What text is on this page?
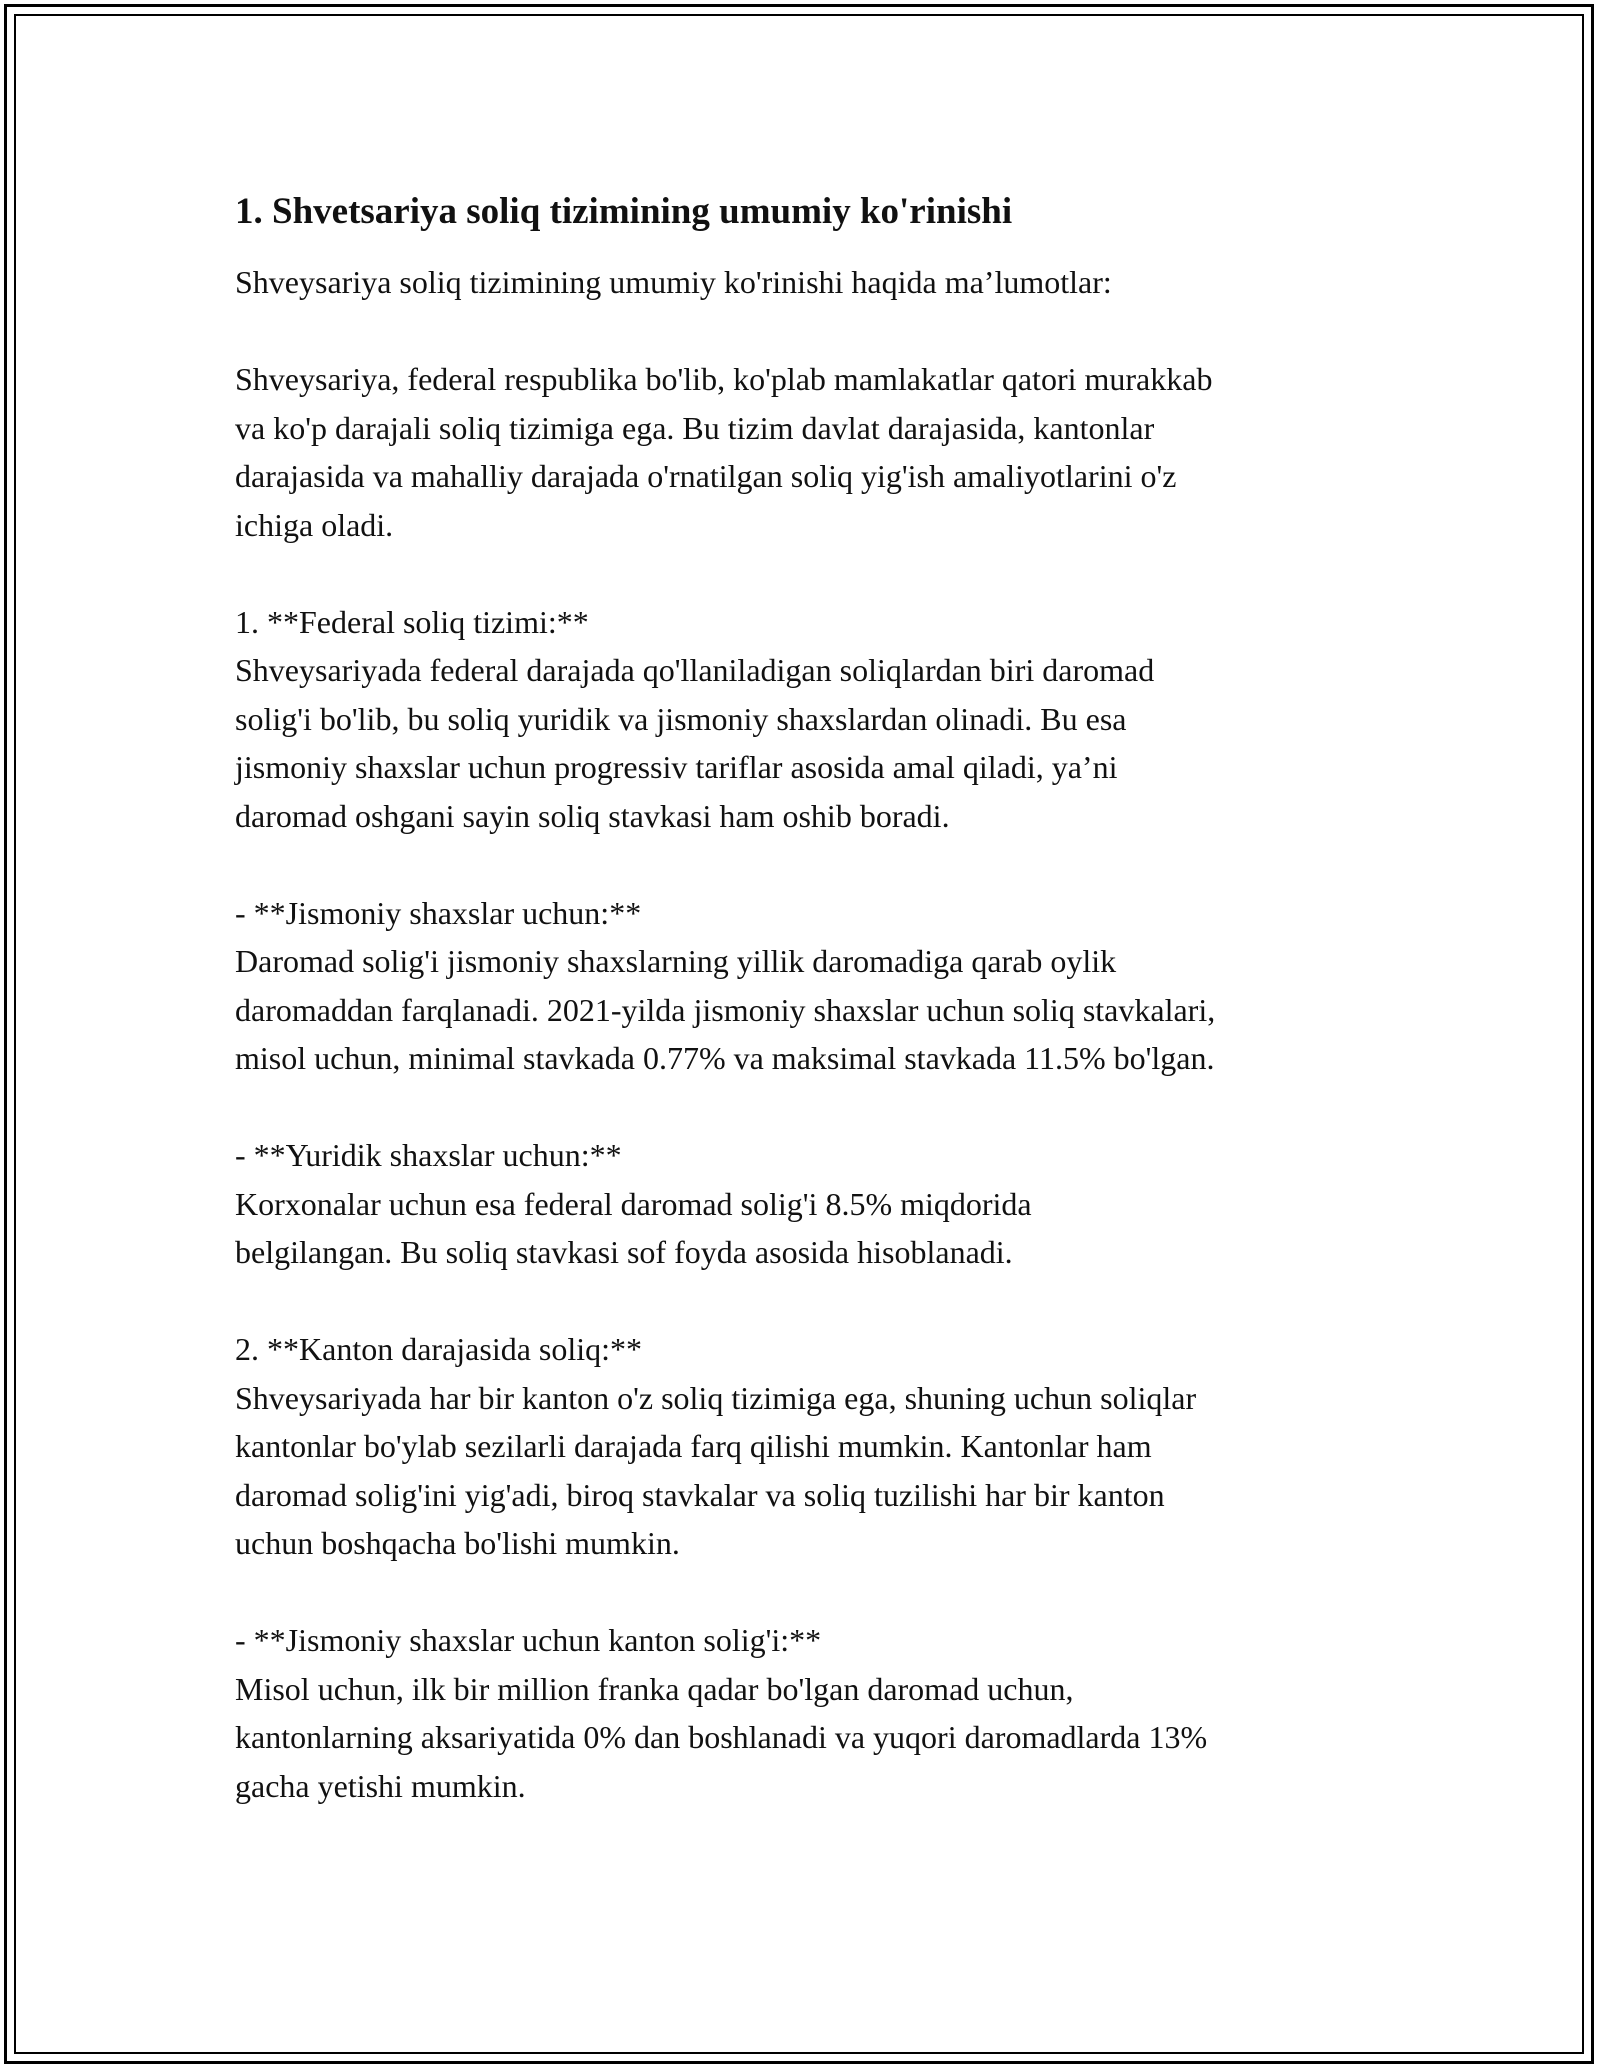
1. Shvetsariya soliq tizimining umumiy ko'rinishi

Shveysariya soliq tizimining umumiy ko'rinishi haqida ma’lumotlar:

Shveysariya, federal respublika bo'lib, ko'plab mamlakatlar qatori murakkab
va ko'p darajali soliq tizimiga ega. Bu tizim davlat darajasida, kantonlar
darajasida va mahalliy darajada o'rnatilgan soliq yig'ish amaliyotlarini o'z
ichiga oladi.

1. **Federal soliq tizimi:**

Shveysariyada federal darajada qo'llaniladigan soliqlardan biri daromad
solig'i bo'lib, bu soliq yuridik va jismoniy shaxslardan olinadi. Bu esa
jismoniy shaxslar uchun progressiv tariflar asosida amal qiladi, ya’ni
daromad oshgani sayin soliq stavkasi ham oshib boradi.

- **Jismoniy shaxslar uchun:**

Daromad solig'i jismoniy shaxslarning yillik daromadiga qarab oylik
daromaddan farqlanadi. 2021-yilda jismoniy shaxslar uchun soliq stavkalari,
misol uchun, minimal stavkada 0.77% va maksimal stavkada 11.5% bo'lgan.

- **Yuridik shaxslar uchun:**

Korxonalar uchun esa federal daromad solig'i 8.5% miqdorida
belgilangan. Bu soliq stavkasi sof foyda asosida hisoblanadi.

2. **Kanton darajasida soliq:**

Shveysariyada har bir kanton o'z soliq tizimiga ega, shuning uchun soliqlar
kantonlar bo'ylab sezilarli darajada farq qilishi mumkin. Kantonlar ham
daromad solig'ini yig'adi, biroq stavkalar va soliq tuzilishi har bir kanton
uchun boshqacha bo'lishi mumkin.

- **Jismoniy shaxslar uchun kanton solig'i:**

Misol uchun, ilk bir million franka qadar bo'lgan daromad uchun,
kantonlarning aksariyatida 0% dan boshlanadi va yuqori daromadlarda 13%
gacha yetishi mumkin.
